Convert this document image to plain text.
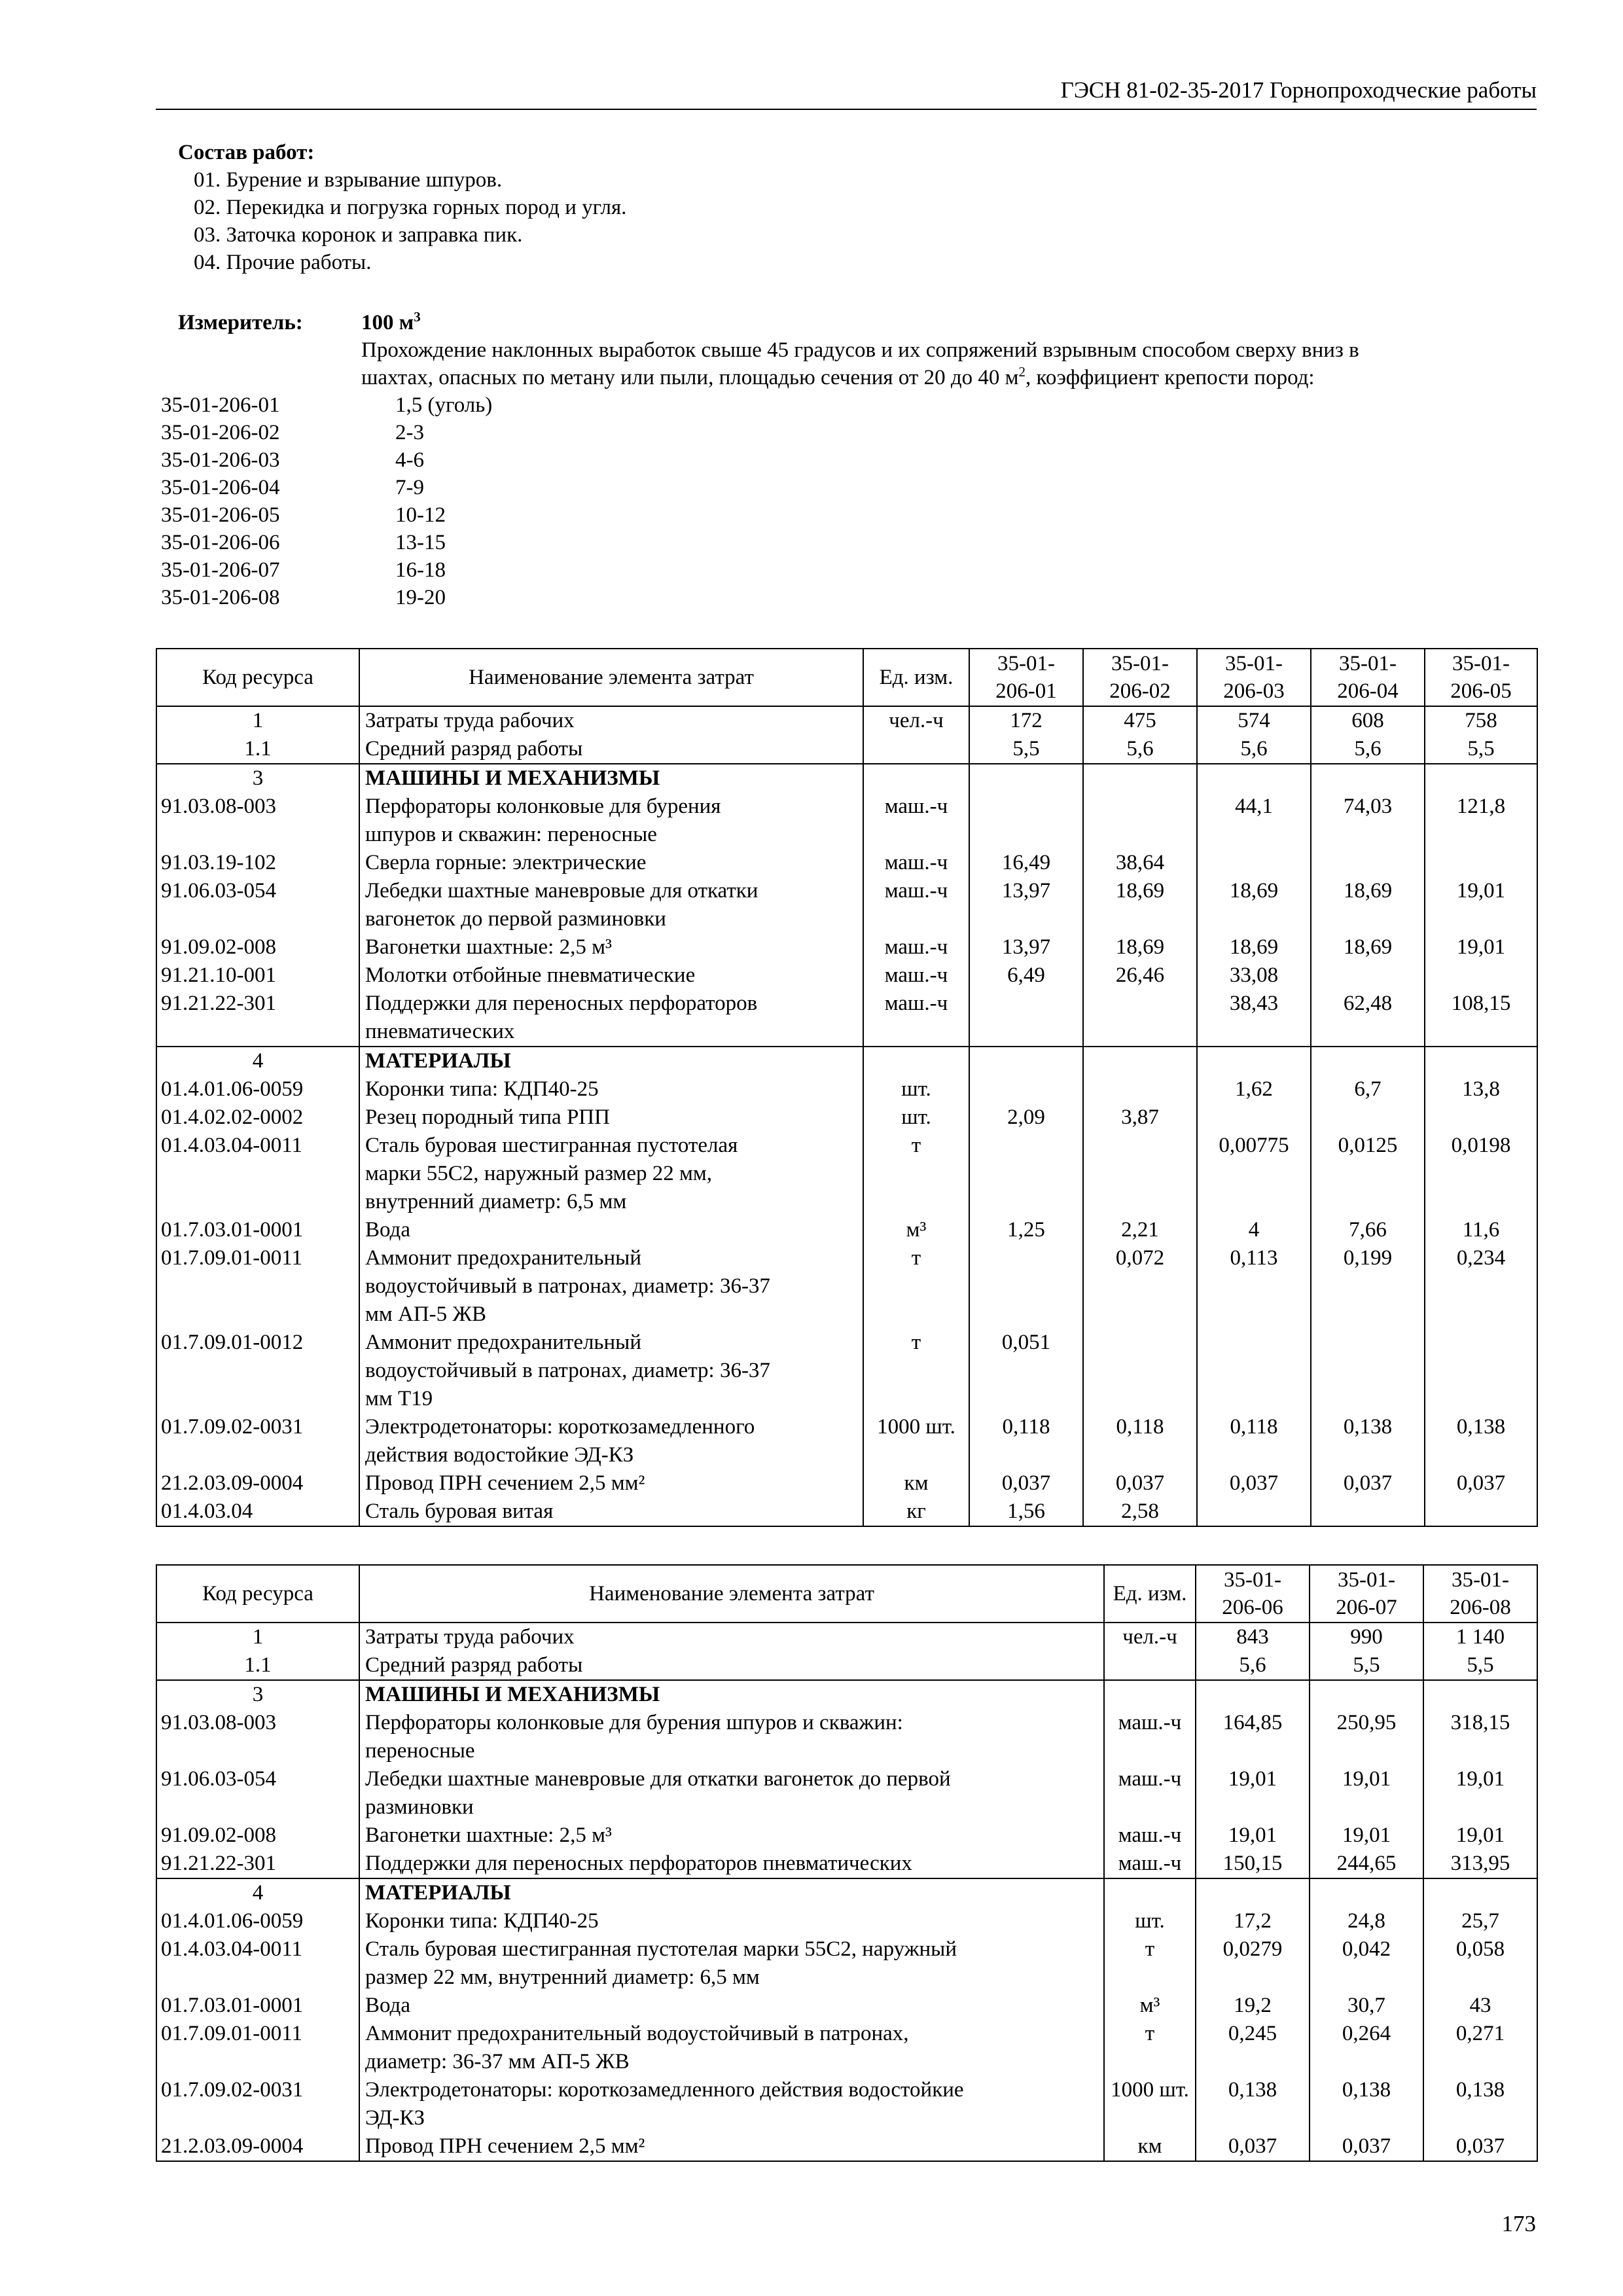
ГЭСН 81-02-35-2017 Горнопроходческие работы
Состав работ:
01. Бурение и взрывание шпуров.
02. Перекидка и погрузка горных пород и угля.
03. Заточка коронок и заправка пик.
04. Прочие работы.
Измеритель:	100 $м^3$
Прохождение наклонных выработок свыше 45 градусов и их сопряжений взрывным способом сверху вниз в
шахтах, опасных по метану или пыли, площадью сечения от 20 до 40 $м^2$, коэффициент крепости пород:
35-01-206-01	1,5 (уголь)
35-01-206-02	2-3
35-01-206-03	4-6
35-01-206-04	7-9
35-01-206-05	10-12
35-01-206-06	13-15
35-01-206-07	16-18
35-01-206-08	19-20
Код ресурса	Наименование элемента затрат	Ед. изм.	35-01-
206-01	35-01-
206-02	35-01-
206-03	35-01-
206-04	35-01-
206-05
1	Затраты труда рабочих	чел.-ч	172	475	574	608	758
1.1	Средний разряд работы		5,5	5,6	5,6	5,6	5,5
3	МАШИНЫ И МЕХАНИЗМЫ						
91.03.08-003	Перфораторы колонковые для бурения
шпуров и скважин: переносные	маш.-ч			44,1	74,03	121,8
91.03.19-102	Сверла горные: электрические	маш.-ч	16,49	38,64			
91.06.03-054	Лебедки шахтные маневровые для откатки
вагонеток до первой разминовки	маш.-ч	13,97	18,69	18,69	18,69	19,01
91.09.02-008	Вагонетки шахтные: 2,5 м³	маш.-ч	13,97	18,69	18,69	18,69	19,01
91.21.10-001	Молотки отбойные пневматические	маш.-ч	6,49	26,46	33,08		
91.21.22-301	Поддержки для переносных перфораторов
пневматических	маш.-ч			38,43	62,48	108,15
4	МАТЕРИАЛЫ						
01.4.01.06-0059	Коронки типа: КДП40-25	шт.			1,62	6,7	13,8
01.4.02.02-0002	Резец породный типа РПП	шт.	2,09	3,87			
01.4.03.04-0011	Сталь буровая шестигранная пустотелая
марки 55С2, наружный размер 22 мм,
внутренний диаметр: 6,5 мм	т			0,00775	0,0125	0,0198
01.7.03.01-0001	Вода	м³	1,25	2,21	4	7,66	11,6
01.7.09.01-0011	Аммонит предохранительный
водоустойчивый в патронах, диаметр: 36-37
мм АП-5 ЖВ	т		0,072	0,113	0,199	0,234
01.7.09.01-0012	Аммонит предохранительный
водоустойчивый в патронах, диаметр: 36-37
мм Т19	т	0,051				
01.7.09.02-0031	Электродетонаторы: короткозамедленного
действия водостойкие ЭД-КЗ	1000 шт.	0,118	0,118	0,118	0,138	0,138
21.2.03.09-0004	Провод ПРН сечением 2,5 мм²	км	0,037	0,037	0,037	0,037	0,037
01.4.03.04	Сталь буровая витая	кг	1,56	2,58			
Код ресурса	Наименование элемента затрат	Ед. изм.	35-01-
206-06	35-01-
206-07	35-01-
206-08
1	Затраты труда рабочих	чел.-ч	843	990	1 140
1.1	Средний разряд работы		5,6	5,5	5,5
3	МАШИНЫ И МЕХАНИЗМЫ				
91.03.08-003	Перфораторы колонковые для бурения шпуров и скважин:
переносные	маш.-ч	164,85	250,95	318,15
91.06.03-054	Лебедки шахтные маневровые для откатки вагонеток до первой
разминовки	маш.-ч	19,01	19,01	19,01
91.09.02-008	Вагонетки шахтные: 2,5 м³	маш.-ч	19,01	19,01	19,01
91.21.22-301	Поддержки для переносных перфораторов пневматических	маш.-ч	150,15	244,65	313,95
4	МАТЕРИАЛЫ				
01.4.01.06-0059	Коронки типа: КДП40-25	шт.	17,2	24,8	25,7
01.4.03.04-0011	Сталь буровая шестигранная пустотелая марки 55С2, наружный
размер 22 мм, внутренний диаметр: 6,5 мм	т	0,0279	0,042	0,058
01.7.03.01-0001	Вода	м³	19,2	30,7	43
01.7.09.01-0011	Аммонит предохранительный водоустойчивый в патронах,
диаметр: 36-37 мм АП-5 ЖВ	т	0,245	0,264	0,271
01.7.09.02-0031	Электродетонаторы: короткозамедленного действия водостойкие
ЭД-КЗ	1000 шт.	0,138	0,138	0,138
21.2.03.09-0004	Провод ПРН сечением 2,5 мм²	км	0,037	0,037	0,037
173
